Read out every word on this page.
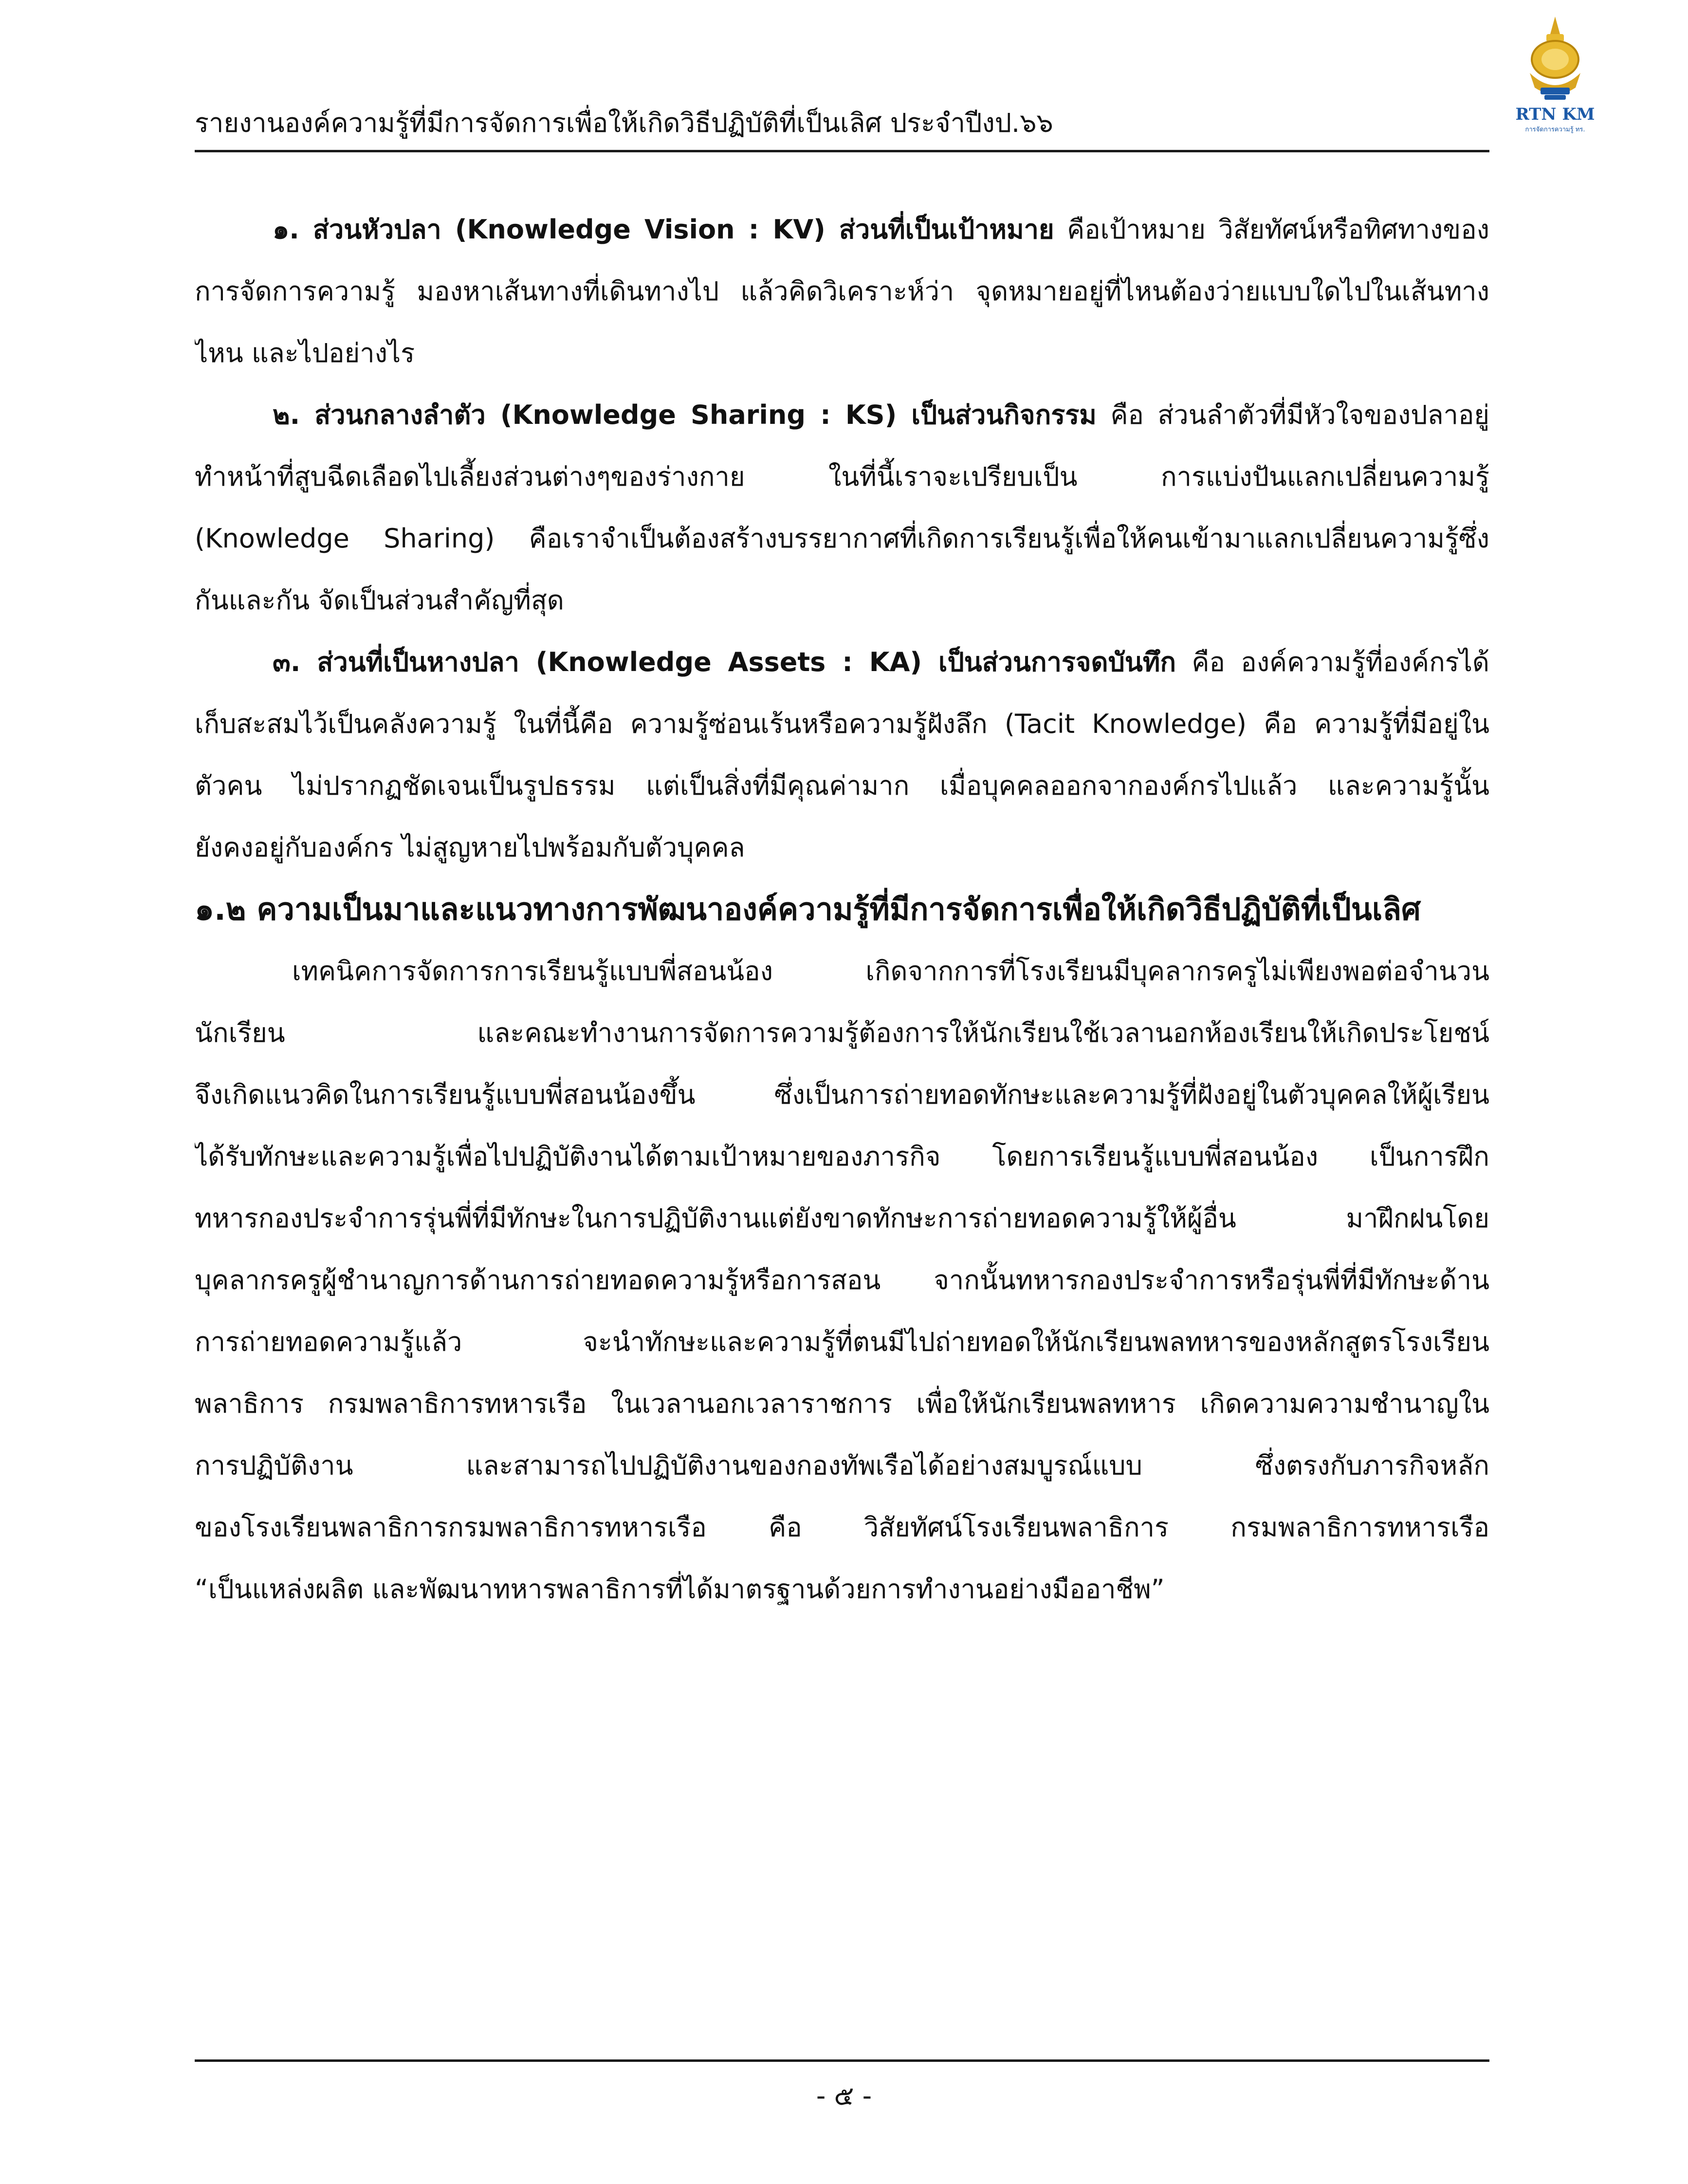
รายงานองค์ความรู้ที่มีการจัดการเพื่อให้เกิดวิธีปฏิบัติที่เป็นเลิศ ประจำปีงป.๖๖	RTN KM
การจัดการความรู้ ทร.
๑. ส่วนหัวปลา (Knowledge Vision : KV) ส่วนที่เป็นเป้าหมาย คือเป้าหมาย วิสัยทัศน์หรือทิศทางของ
การจัดการความรู้ มองหาเส้นทางที่เดินทางไป แล้วคิดวิเคราะห์ว่า จุดหมายอยู่ที่ไหนต้องว่ายแบบใดไปในเส้นทาง
ไหน และไปอย่างไร
๒. ส่วนกลางลำตัว (Knowledge Sharing : KS) เป็นส่วนกิจกรรม คือ ส่วนลำตัวที่มีหัวใจของปลาอยู่
ทำหน้าที่สูบฉีดเลือดไปเลี้ยงส่วนต่างๆของร่างกาย ในที่นี้เราจะเปรียบเป็น การแบ่งปันแลกเปลี่ยนความรู้
(Knowledge Sharing) คือเราจำเป็นต้องสร้างบรรยากาศที่เกิดการเรียนรู้เพื่อให้คนเข้ามาแลกเปลี่ยนความรู้ซึ่ง
กันและกัน จัดเป็นส่วนสำคัญที่สุด
๓. ส่วนที่เป็นหางปลา (Knowledge Assets : KA) เป็นส่วนการจดบันทึก คือ องค์ความรู้ที่องค์กรได้
เก็บสะสมไว้เป็นคลังความรู้ ในที่นี้คือ ความรู้ซ่อนเร้นหรือความรู้ฝังลึก (Tacit Knowledge) คือ ความรู้ที่มีอยู่ใน
ตัวคน ไม่ปรากฏชัดเจนเป็นรูปธรรม แต่เป็นสิ่งที่มีคุณค่ามาก เมื่อบุคคลออกจากองค์กรไปแล้ว และความรู้นั้น
ยังคงอยู่กับองค์กร ไม่สูญหายไปพร้อมกับตัวบุคคล
๑.๒ ความเป็นมาและแนวทางการพัฒนาองค์ความรู้ที่มีการจัดการเพื่อให้เกิดวิธีปฏิบัติที่เป็นเลิศ
เทคนิคการจัดการการเรียนรู้แบบพี่สอนน้อง เกิดจากการที่โรงเรียนมีบุคลากรครูไม่เพียงพอต่อจำนวน
นักเรียน และคณะทำงานการจัดการความรู้ต้องการให้นักเรียนใช้เวลานอกห้องเรียนให้เกิดประโยชน์
จึงเกิดแนวคิดในการเรียนรู้แบบพี่สอนน้องขึ้น ซึ่งเป็นการถ่ายทอดทักษะและความรู้ที่ฝังอยู่ในตัวบุคคลให้ผู้เรียน
ได้รับทักษะและความรู้เพื่อไปปฏิบัติงานได้ตามเป้าหมายของภารกิจ โดยการเรียนรู้แบบพี่สอนน้อง เป็นการฝึก
ทหารกองประจำการรุ่นพี่ที่มีทักษะในการปฏิบัติงานแต่ยังขาดทักษะการถ่ายทอดความรู้ให้ผู้อื่น มาฝึกฝนโดย
บุคลากรครูผู้ชำนาญการด้านการถ่ายทอดความรู้หรือการสอน จากนั้นทหารกองประจำการหรือรุ่นพี่ที่มีทักษะด้าน
การถ่ายทอดความรู้แล้ว จะนำทักษะและความรู้ที่ตนมีไปถ่ายทอดให้นักเรียนพลทหารของหลักสูตรโรงเรียน
พลาธิการ กรมพลาธิการทหารเรือ ในเวลานอกเวลาราชการ เพื่อให้นักเรียนพลทหาร เกิดความความชำนาญใน
การปฏิบัติงาน และสามารถไปปฏิบัติงานของกองทัพเรือได้อย่างสมบูรณ์แบบ ซึ่งตรงกับภารกิจหลัก
ของโรงเรียนพลาธิการกรมพลาธิการทหารเรือ คือ วิสัยทัศน์โรงเรียนพลาธิการ กรมพลาธิการทหารเรือ
“เป็นแหล่งผลิต และพัฒนาทหารพลาธิการที่ได้มาตรฐานด้วยการทำงานอย่างมืออาชีพ”
- ๕ -
